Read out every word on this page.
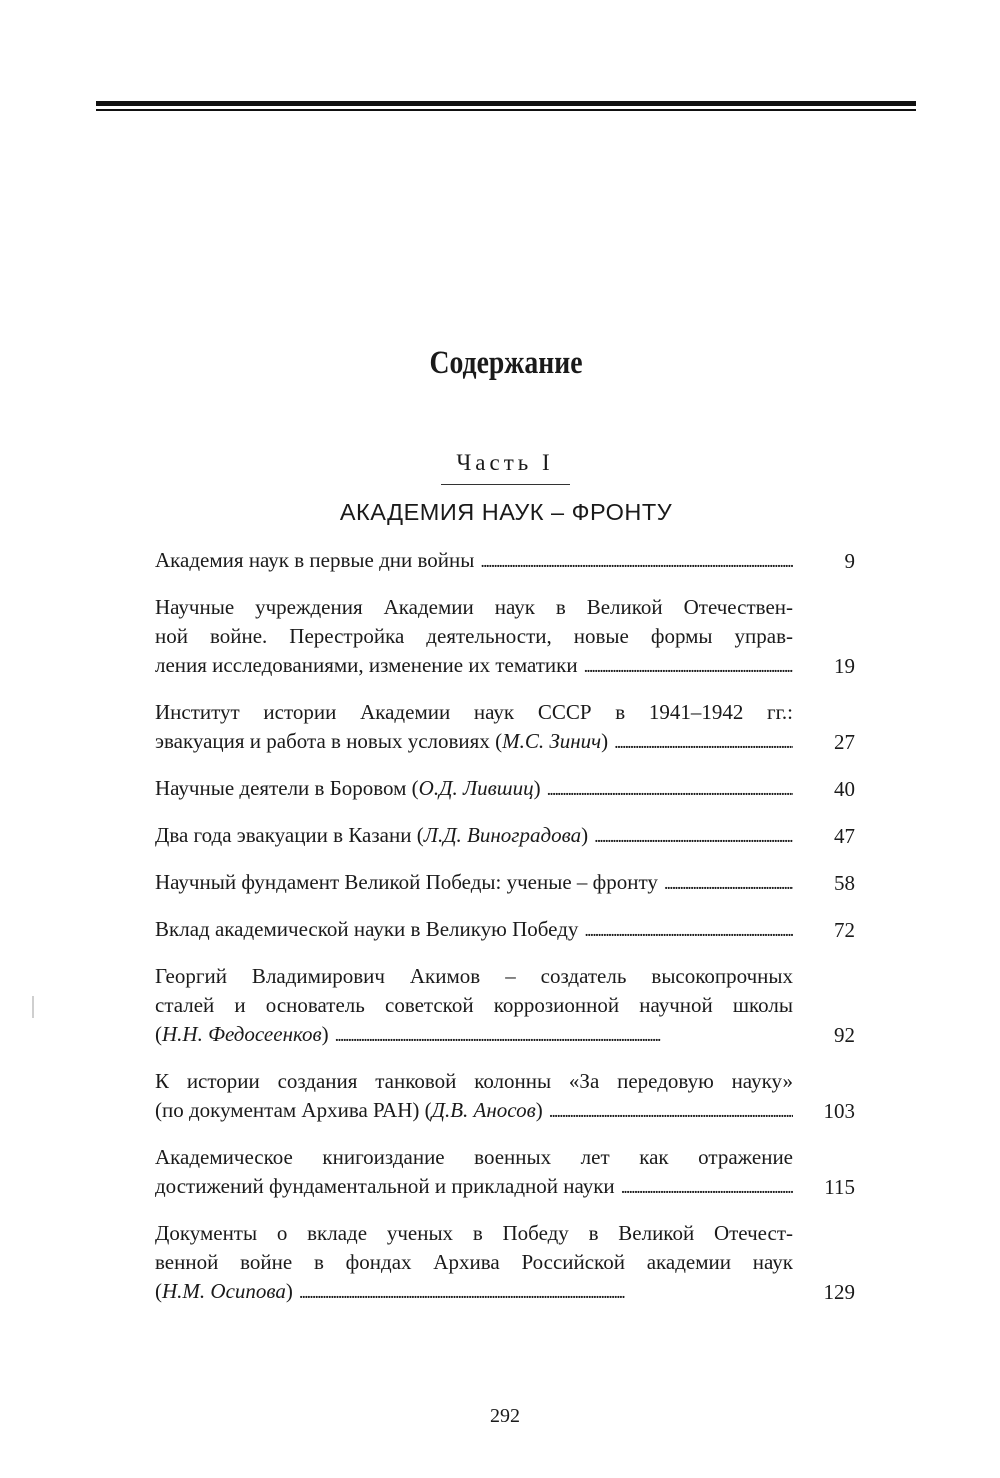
Содержание
Часть I
АКАДЕМИЯ НАУК – ФРОНТУ
Академия наук в первые дни войны . . .	9
Научные учреждения Академии наук в Великой Отечествен-
ной войне. Перестройка деятельности, новые формы управ-
ления исследованиями, изменение их тематики . . .	19
Институт истории Академии наук СССР в 1941–1942 гг.:
эвакуация и работа в новых условиях (М.С. Зинич) . . .	27
Научные деятели в Боровом (О.Д. Лившиц) . . .	40
Два года эвакуации в Казани (Л.Д. Виноградова) . . .	47
Научный фундамент Великой Победы: ученые – фронту . . .	58
Вклад академической науки в Великую Победу . . .	72
Георгий Владимирович Акимов – создатель высокопрочных
сталей и основатель советской коррозионной научной школы
(Н.Н. Федосеенков) . . .	92
К истории создания танковой колонны «За передовую науку»
(по документам Архива РАН) (Д.В. Аносов) . . .	103
Академическое книгоиздание военных лет как отражение
достижений фундаментальной и прикладной науки . . .	115
Документы о вкладе ученых в Победу в Великой Отечест-
венной войне в фондах Архива Российской академии наук
(Н.М. Осипова) . . .	129
292
